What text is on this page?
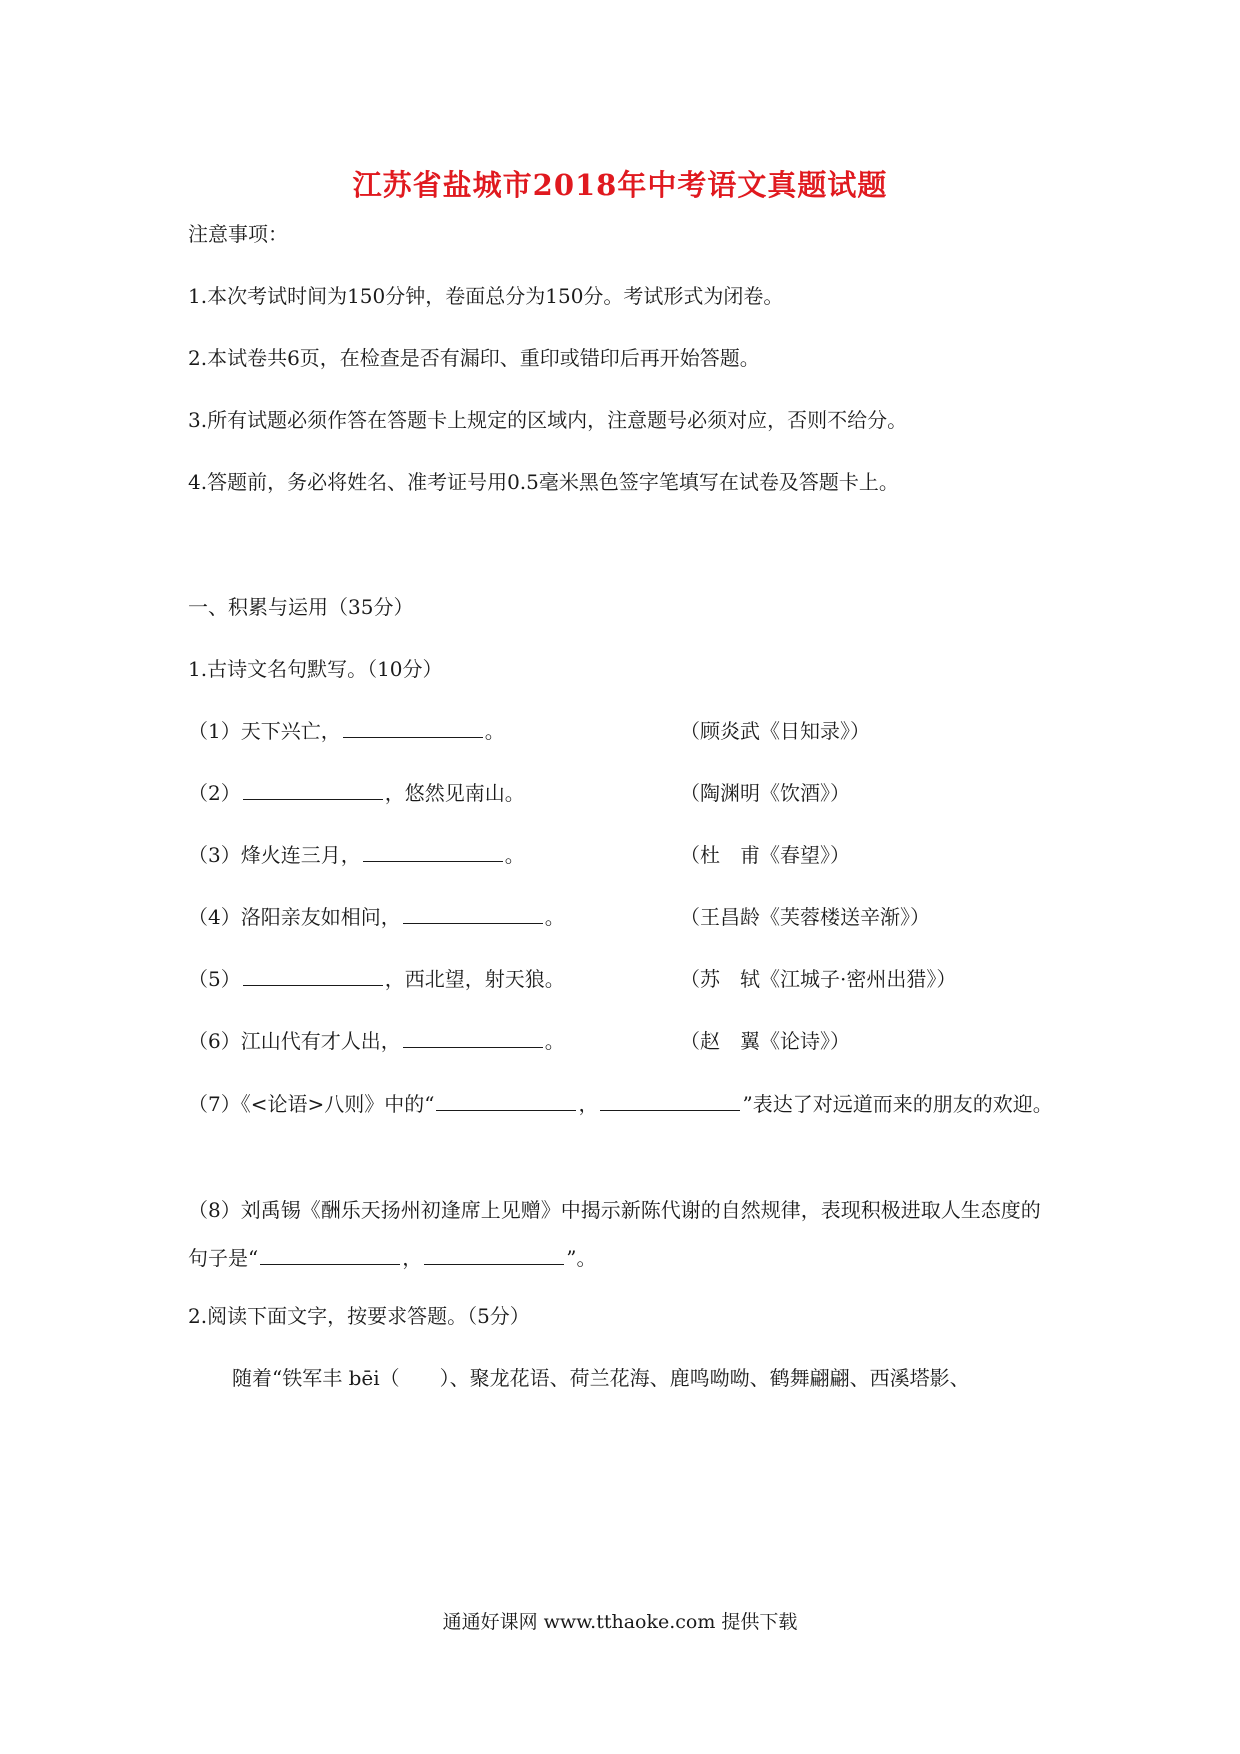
江苏省盐城市2018年中考语文真题试题
注意事项：
1.本次考试时间为150分钟，卷面总分为150分。考试形式为闭卷。
2.本试卷共6页，在检查是否有漏印、重印或错印后再开始答题。
3.所有试题必须作答在答题卡上规定的区域内，注意题号必须对应，否则不给分。
4.答题前，务必将姓名、准考证号用0.5毫米黑色签字笔填写在试卷及答题卡上。
一、积累与运用（35分）
1.古诗文名句默写。（10分）
（1）天下兴亡，	。	（顾炎武《日知录》）
（2）	，悠然见南山。	（陶渊明《饮酒》）
（3）烽火连三月，	。	（杜　甫《春望》）
（4）洛阳亲友如相问，	。	（王昌龄《芙蓉楼送辛渐》）
（5）	，西北望，射天狼。	（苏　轼《江城子·密州出猎》）
（6）江山代有才人出，	。	（赵　翼《论诗》）
（7）《<论语>八则》中的“	，	”表达了对远道而来的朋友的欢迎。
（8）刘禹锡《酬乐天扬州初逢席上见赠》中揭示新陈代谢的自然规律，表现积极进取人生态度的句子是“	，	”。
2.阅读下面文字，按要求答题。（5分）
随着“铁军丰 bēi（　　）、聚龙花语、荷兰花海、鹿鸣呦呦、鹤舞翩翩、西溪塔影、
通通好课网 www.tthaoke.com 提供下载
